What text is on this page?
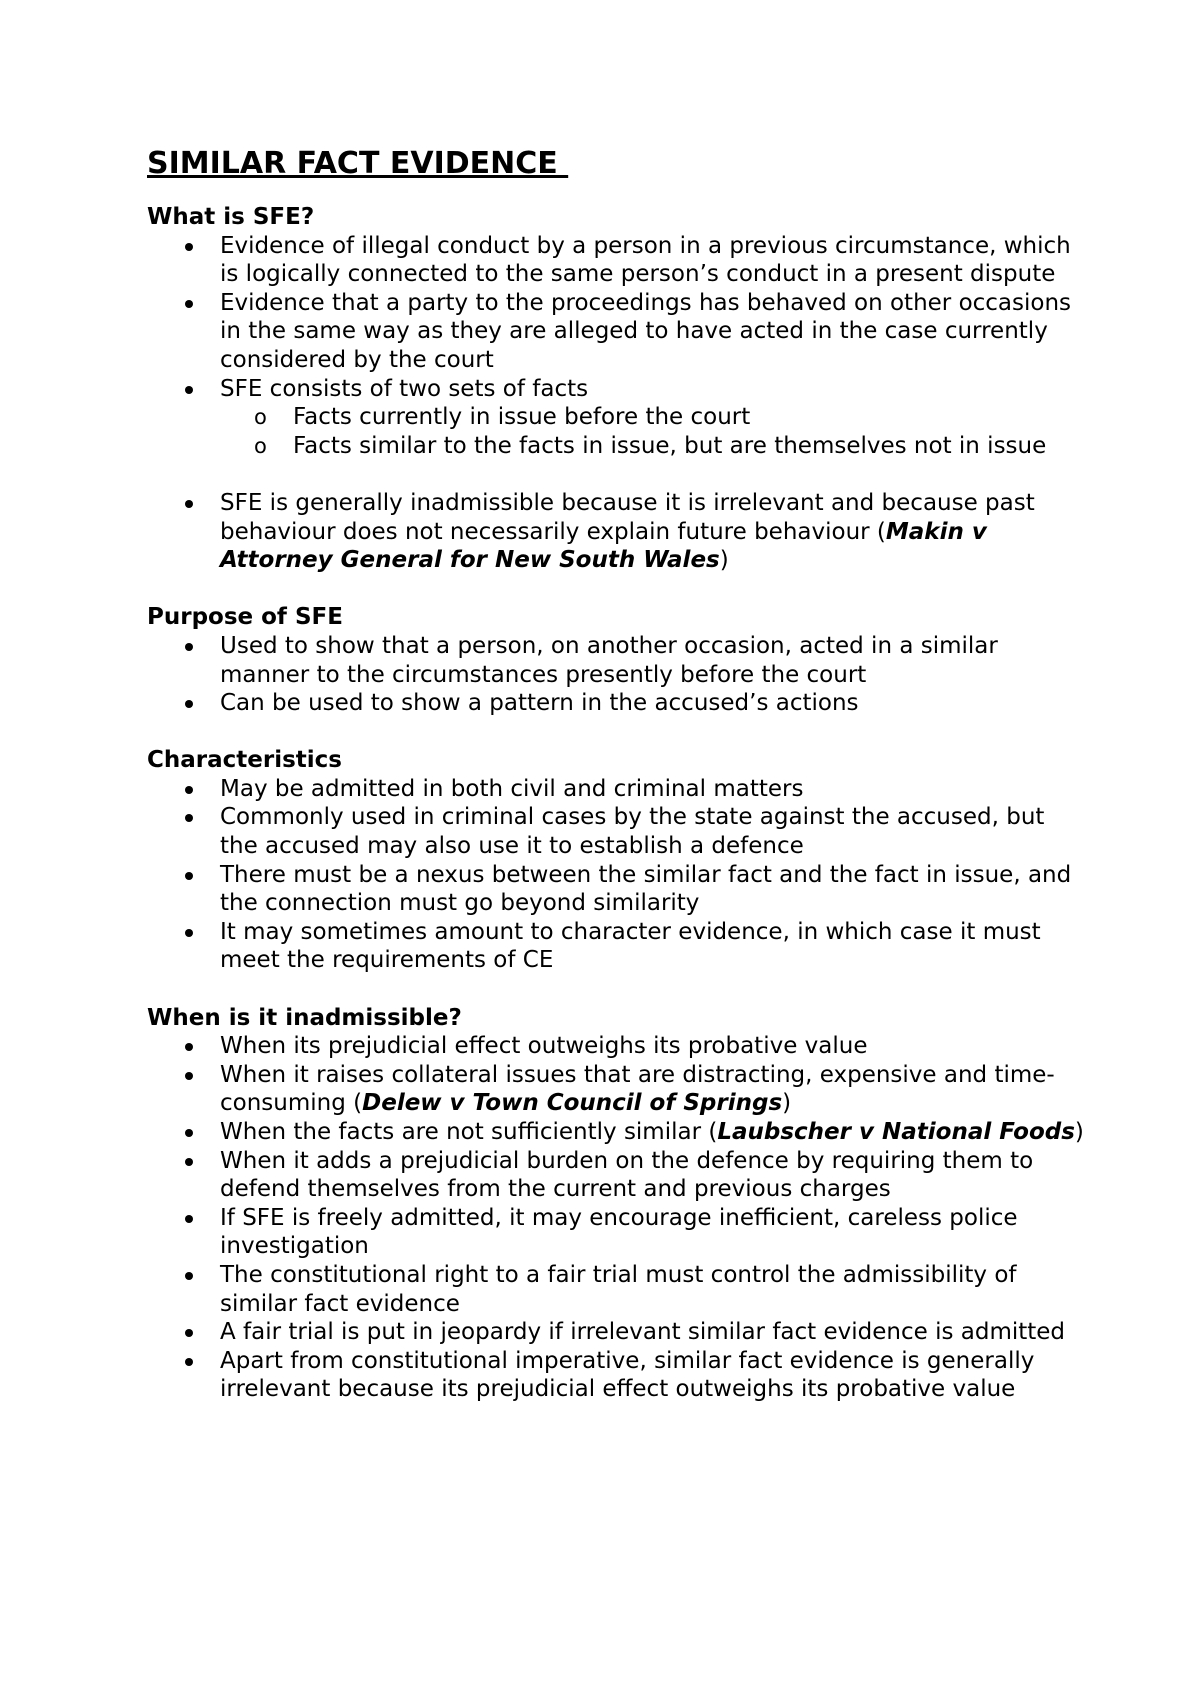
SIMILAR FACT EVIDENCE
What is SFE?
Evidence of illegal conduct by a person in a previous circumstance, which is logically connected to the same person’s conduct in a present dispute
Evidence that a party to the proceedings has behaved on other occasions in the same way as they are alleged to have acted in the case currently considered by the court
SFE consists of two sets of facts
o Facts currently in issue before the court
o Facts similar to the facts in issue, but are themselves not in issue
SFE is generally inadmissible because it is irrelevant and because past behaviour does not necessarily explain future behaviour (Makin v Attorney General for New South Wales)
Purpose of SFE
Used to show that a person, on another occasion, acted in a similar manner to the circumstances presently before the court
Can be used to show a pattern in the accused’s actions
Characteristics
May be admitted in both civil and criminal matters
Commonly used in criminal cases by the state against the accused, but the accused may also use it to establish a defence
There must be a nexus between the similar fact and the fact in issue, and the connection must go beyond similarity
It may sometimes amount to character evidence, in which case it must meet the requirements of CE
When is it inadmissible?
When its prejudicial effect outweighs its probative value
When it raises collateral issues that are distracting, expensive and time-consuming (Delew v Town Council of Springs)
When the facts are not sufficiently similar (Laubscher v National Foods)
When it adds a prejudicial burden on the defence by requiring them to defend themselves from the current and previous charges
If SFE is freely admitted, it may encourage inefficient, careless police investigation
The constitutional right to a fair trial must control the admissibility of similar fact evidence
A fair trial is put in jeopardy if irrelevant similar fact evidence is admitted
Apart from constitutional imperative, similar fact evidence is generally irrelevant because its prejudicial effect outweighs its probative value
